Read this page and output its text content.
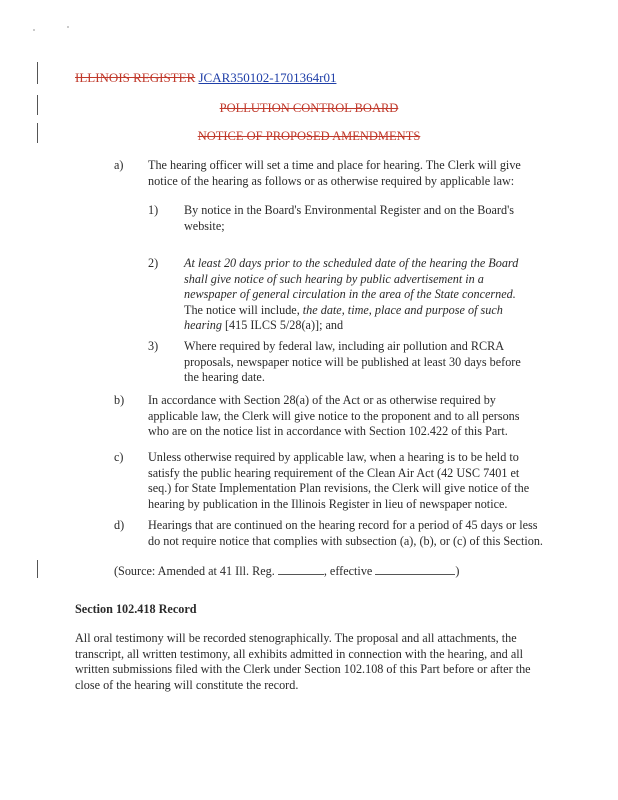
ILLINOIS REGISTER JCAR350102-1701364r01
POLLUTION CONTROL BOARD
NOTICE OF PROPOSED AMENDMENTS
a) The hearing officer will set a time and place for hearing. The Clerk will give notice of the hearing as follows or as otherwise required by applicable law:

1) By notice in the Board's Environmental Register and on the Board's website;

2) At least 20 days prior to the scheduled date of the hearing the Board shall give notice of such hearing by public advertisement in a newspaper of general circulation in the area of the State concerned. The notice will include, the date, time, place and purpose of such hearing [415 ILCS 5/28(a)]; and

3) Where required by federal law, including air pollution and RCRA proposals, newspaper notice will be published at least 30 days before the hearing date.

b) In accordance with Section 28(a) of the Act or as otherwise required by applicable law, the Clerk will give notice to the proponent and to all persons who are on the notice list in accordance with Section 102.422 of this Part.

c) Unless otherwise required by applicable law, when a hearing is to be held to satisfy the public hearing requirement of the Clean Air Act (42 USC 7401 et seq.) for State Implementation Plan revisions, the Clerk will give notice of the hearing by publication in the Illinois Register in lieu of newspaper notice.

d) Hearings that are continued on the hearing record for a period of 45 days or less do not require notice that complies with subsection (a), (b), or (c) of this Section.

(Source: Amended at 41 Ill. Reg.	, effective	)
Section 102.418 Record

All oral testimony will be recorded stenographically. The proposal and all attachments, the transcript, all written testimony, all exhibits admitted in connection with the hearing, and all written submissions filed with the Clerk under Section 102.108 of this Part before or after the close of the hearing will constitute the record.
